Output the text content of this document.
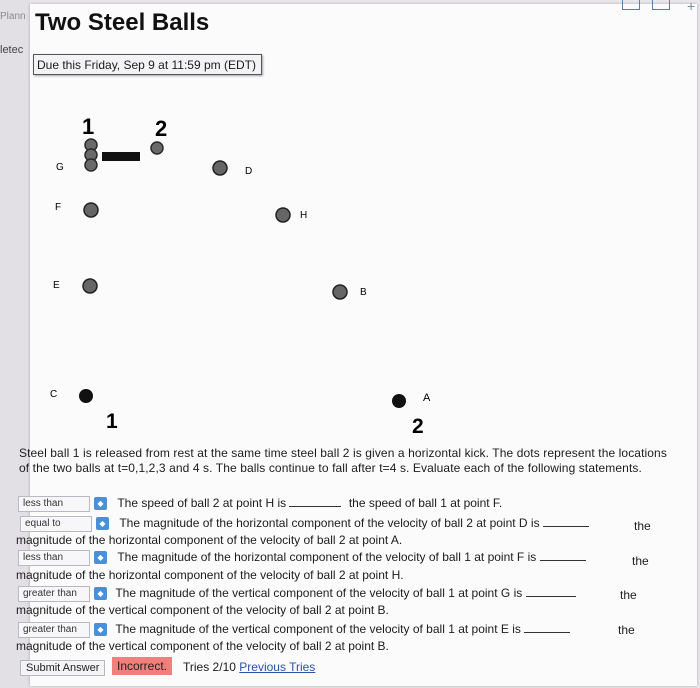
Plann
letec
+
Two Steel Balls
Due this Friday, Sep 9 at 11:59 pm (EDT)
1	2
G	D
F
H
E
B
C	A
1	2
Steel ball 1 is released from rest at the same time steel ball 2 is given a horizontal kick. The dots represent the locations of the two balls at t=0,1,2,3 and 4 s. The balls continue to fall after t=4 s. Evaluate each of the following statements.
less than	◆ The speed of ball 2 at point H is	the speed of ball 1 at point F.
equal to	◆ The magnitude of the horizontal component of the velocity of ball 2 at point D is	the
magnitude of the horizontal component of the velocity of ball 2 at point A.
less than	◆ The magnitude of the horizontal component of the velocity of ball 1 at point F is	the
magnitude of the horizontal component of the velocity of ball 2 at point H.
greater than	◆ The magnitude of the vertical component of the velocity of ball 1 at point G is	the
magnitude of the vertical component of the velocity of ball 2 at point B.
greater than	◆ The magnitude of the vertical component of the velocity of ball 1 at point E is	the
magnitude of the vertical component of the velocity of ball 2 at point B.
Submit Answer	Incorrect.	Tries 2/10 Previous Tries
